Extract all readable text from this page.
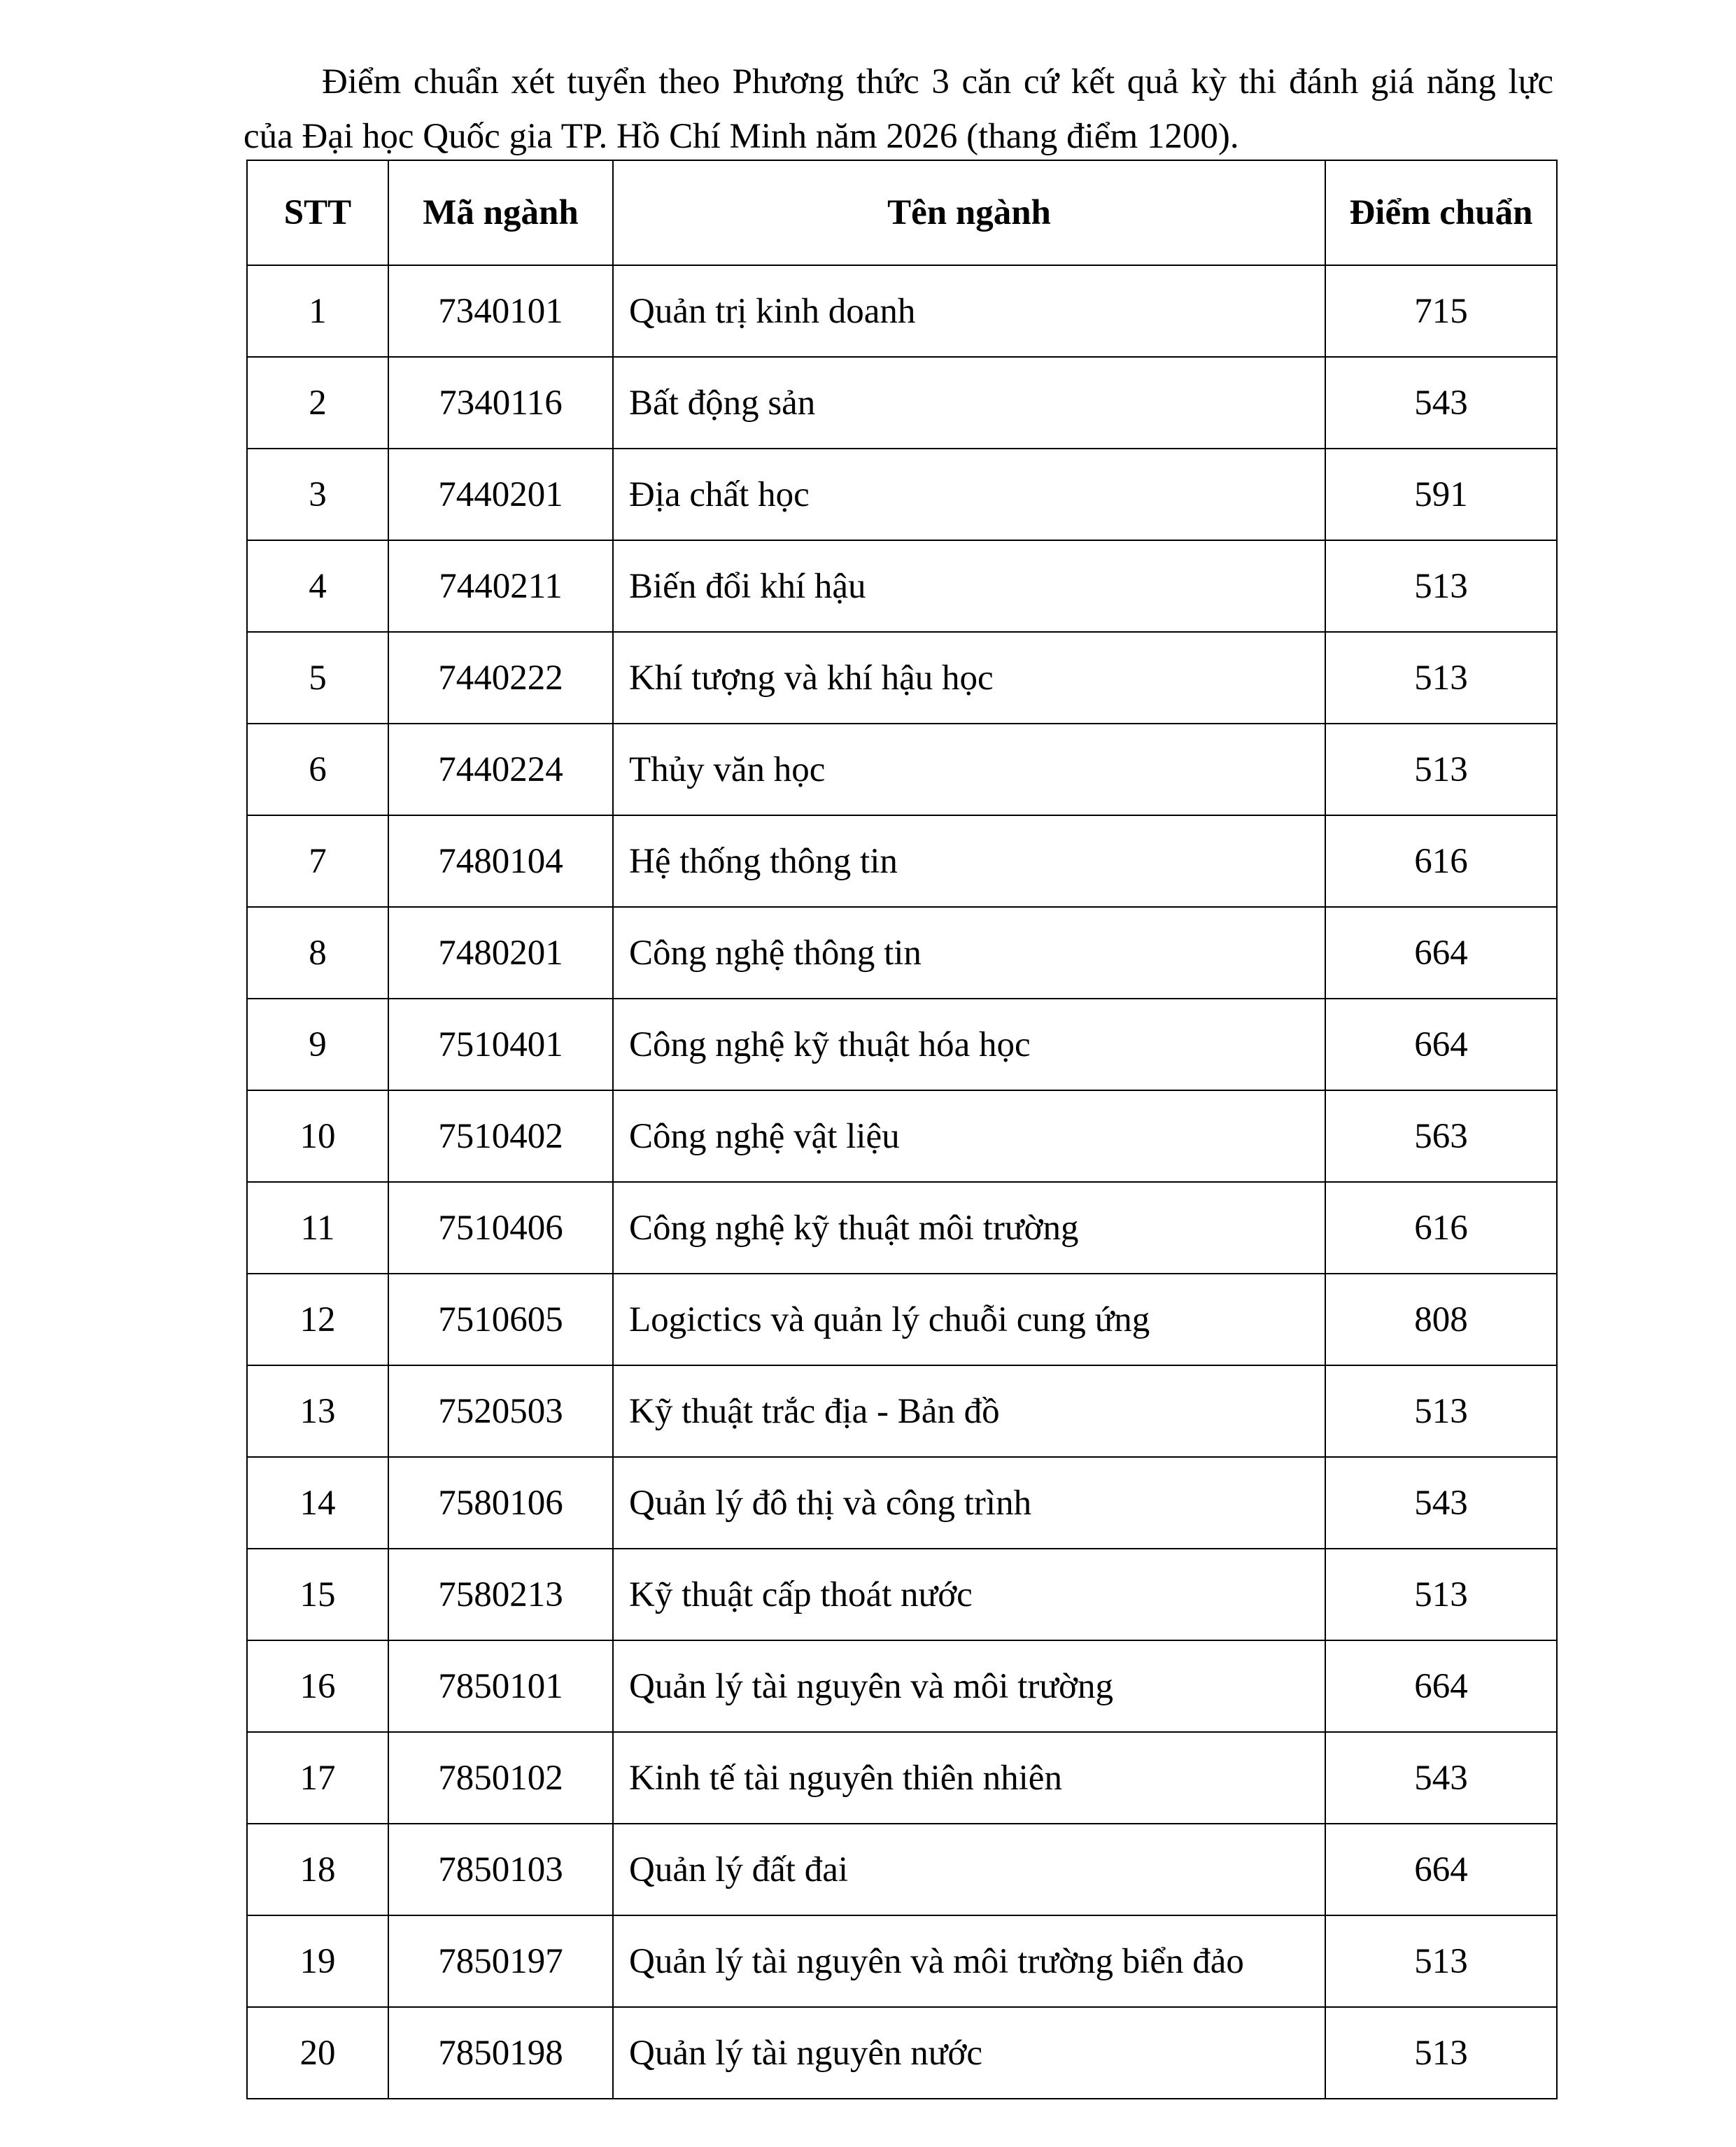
Điểm chuẩn xét tuyển theo Phương thức 3 căn cứ kết quả kỳ thi đánh giá năng lực của Đại học Quốc gia TP. Hồ Chí Minh năm 2026 (thang điểm 1200).

STT	Mã ngành	Tên ngành	Điểm chuẩn
1	7340101	Quản trị kinh doanh	715
2	7340116	Bất động sản	543
3	7440201	Địa chất học	591
4	7440211	Biến đổi khí hậu	513
5	7440222	Khí tượng và khí hậu học	513
6	7440224	Thủy văn học	513
7	7480104	Hệ thống thông tin	616
8	7480201	Công nghệ thông tin	664
9	7510401	Công nghệ kỹ thuật hóa học	664
10	7510402	Công nghệ vật liệu	563
11	7510406	Công nghệ kỹ thuật môi trường	616
12	7510605	Logictics và quản lý chuỗi cung ứng	808
13	7520503	Kỹ thuật trắc địa - Bản đồ	513
14	7580106	Quản lý đô thị và công trình	543
15	7580213	Kỹ thuật cấp thoát nước	513
16	7850101	Quản lý tài nguyên và môi trường	664
17	7850102	Kinh tế tài nguyên thiên nhiên	543
18	7850103	Quản lý đất đai	664
19	7850197	Quản lý tài nguyên và môi trường biển đảo	513
20	7850198	Quản lý tài nguyên nước	513
